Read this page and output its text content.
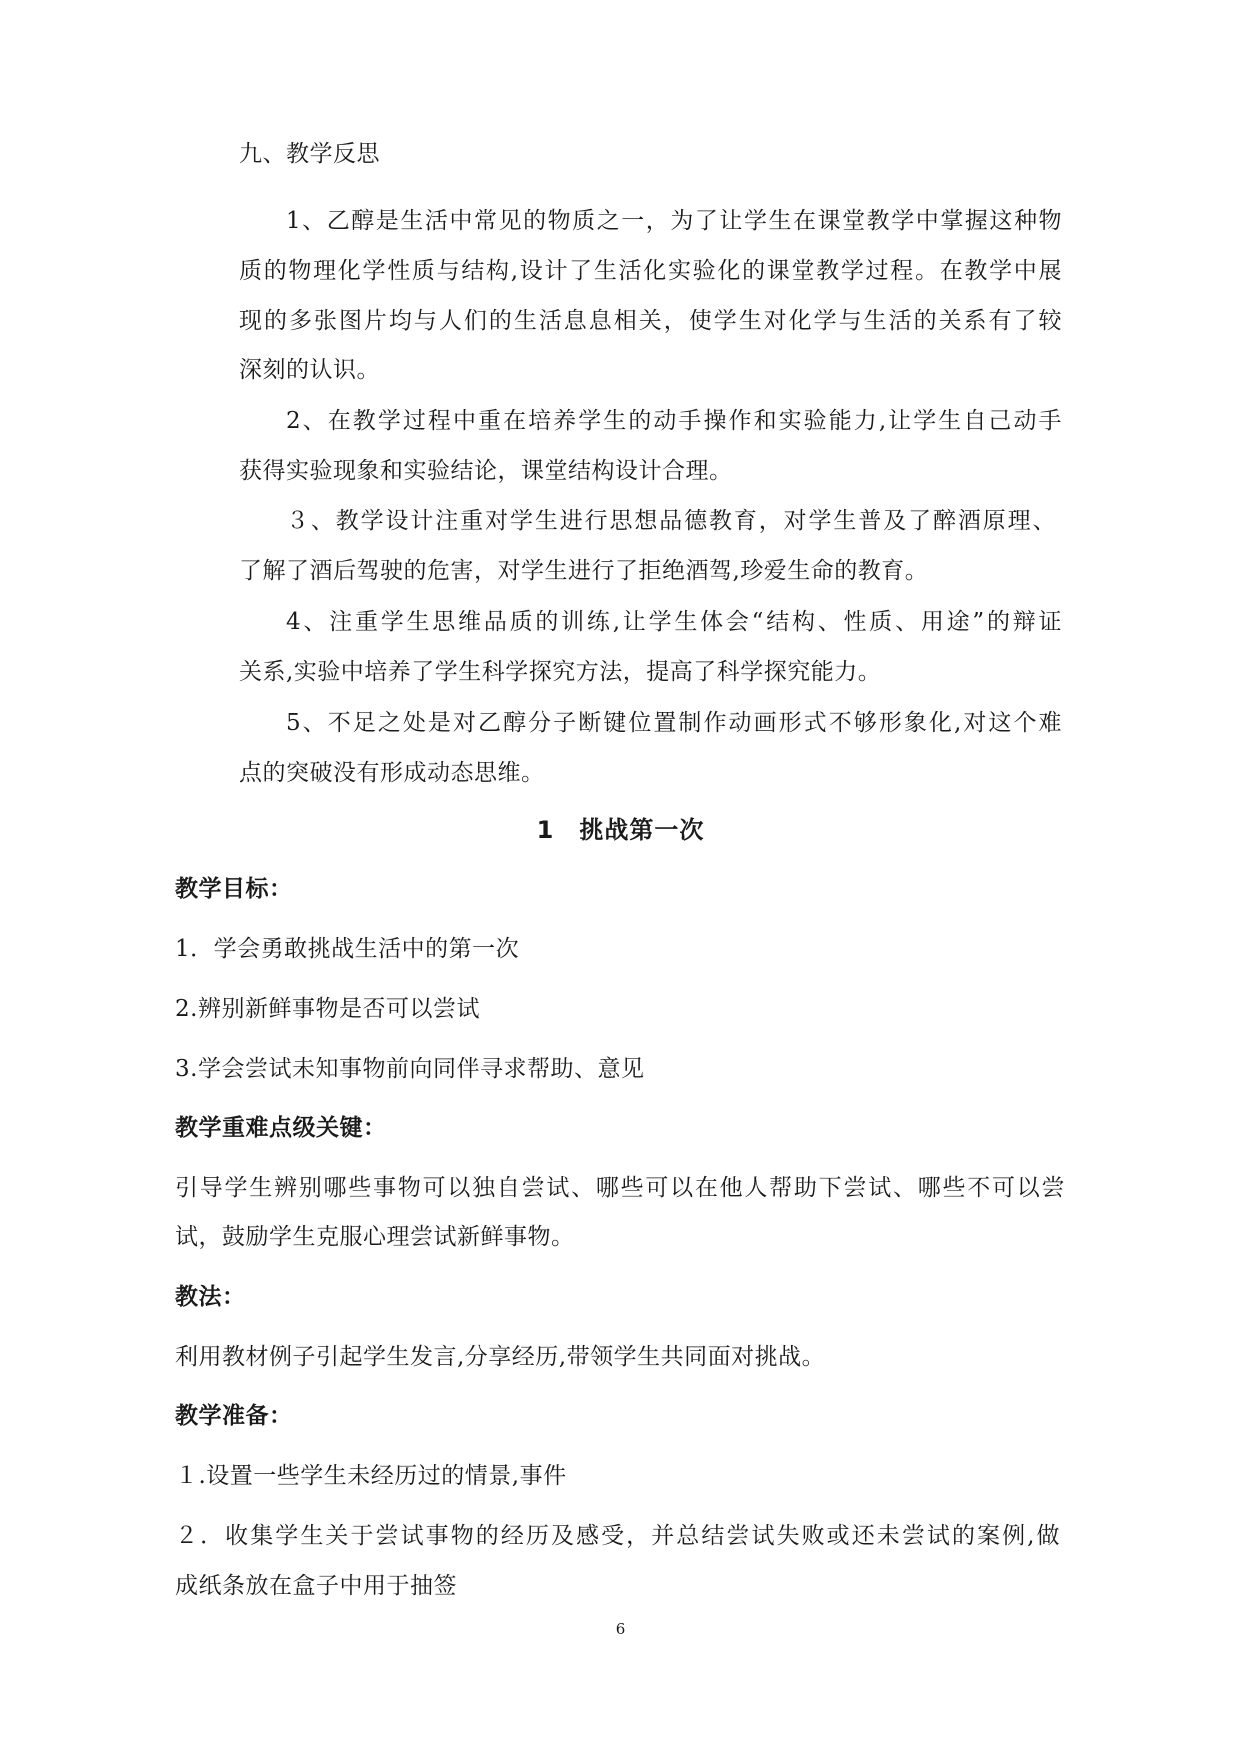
九、教学反思
1、乙醇是生活中常见的物质之一，为了让学生在课堂教学中掌握这种物
质的物理化学性质与结构,设计了生活化实验化的课堂教学过程。在教学中展
现的多张图片均与人们的生活息息相关，使学生对化学与生活的关系有了较
深刻的认识。
2、在教学过程中重在培养学生的动手操作和实验能力,让学生自己动手
获得实验现象和实验结论，课堂结构设计合理。
３、教学设计注重对学生进行思想品德教育，对学生普及了醉酒原理、
了解了酒后驾驶的危害，对学生进行了拒绝酒驾,珍爱生命的教育。
4、注重学生思维品质的训练,让学生体会“结构、性质、用途”的辩证
关系,实验中培养了学生科学探究方法，提高了科学探究能力。
5、不足之处是对乙醇分子断键位置制作动画形式不够形象化,对这个难
点的突破没有形成动态思维。
1　挑战第一次
教学目标：
1．学会勇敢挑战生活中的第一次
2.辨别新鲜事物是否可以尝试
3.学会尝试未知事物前向同伴寻求帮助、意见
教学重难点级关键：
引导学生辨别哪些事物可以独自尝试、哪些可以在他人帮助下尝试、哪些不可以尝
试，鼓励学生克服心理尝试新鲜事物。
教法：
利用教材例子引起学生发言,分享经历,带领学生共同面对挑战。
教学准备：
１.设置一些学生未经历过的情景,事件
２．收集学生关于尝试事物的经历及感受，并总结尝试失败或还未尝试的案例,做
成纸条放在盒子中用于抽签
6
